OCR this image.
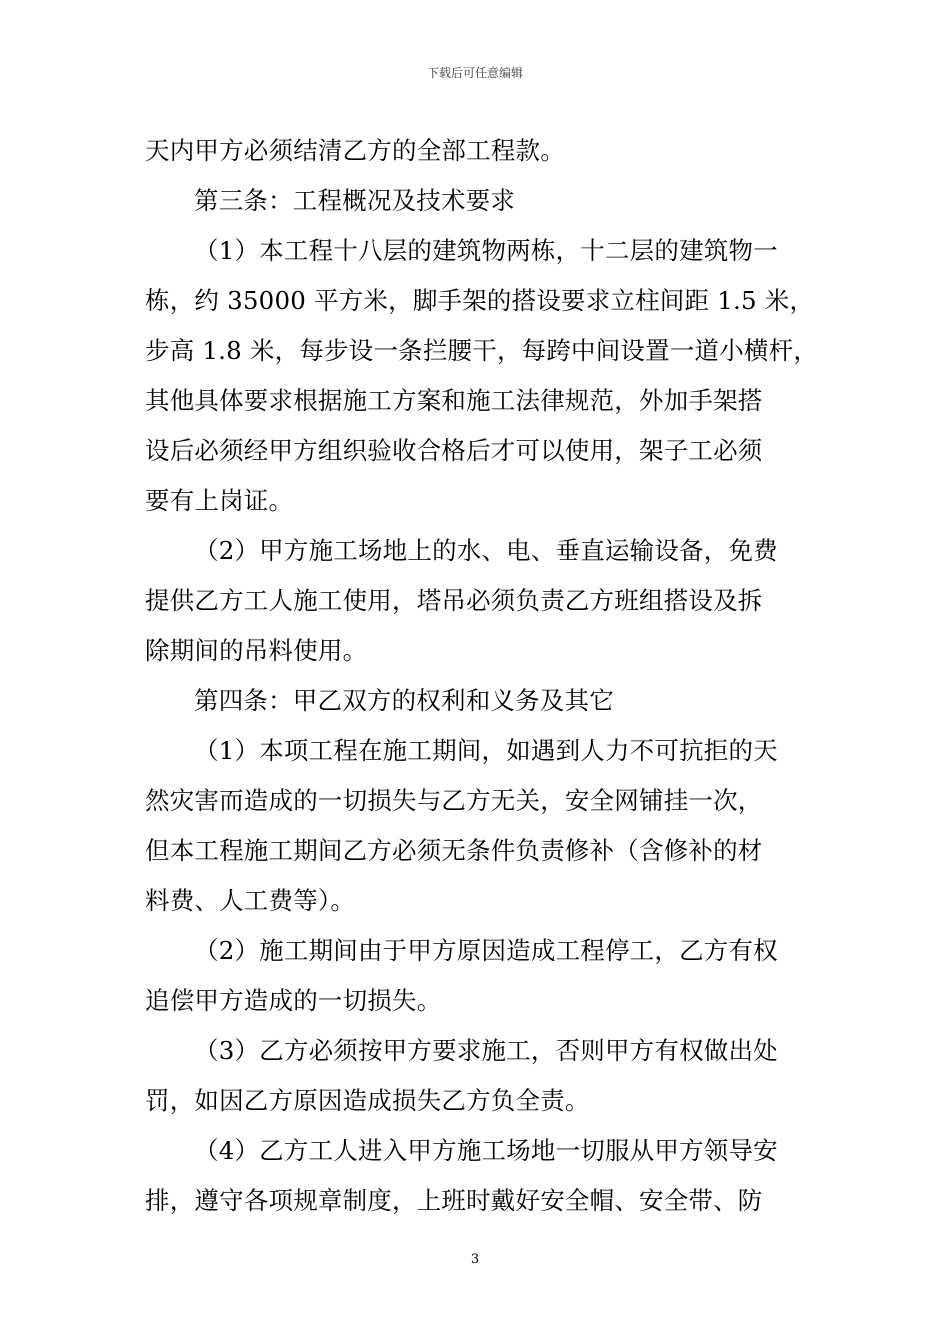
下载后可任意编辑
天内甲方必须结清乙方的全部工程款。
第三条：工程概况及技术要求
（1）本工程十八层的建筑物两栋，十二层的建筑物一
栋，约 35000 平方米，脚手架的搭设要求立柱间距 1.5 米，
步高 1.8 米，每步设一条拦腰干，每跨中间设置一道小横杆，
其他具体要求根据施工方案和施工法律规范，外加手架搭
设后必须经甲方组织验收合格后才可以使用，架子工必须
要有上岗证。
（2）甲方施工场地上的水、电、垂直运输设备，免费
提供乙方工人施工使用，塔吊必须负责乙方班组搭设及拆
除期间的吊料使用。
第四条：甲乙双方的权利和义务及其它
（1）本项工程在施工期间，如遇到人力不可抗拒的天
然灾害而造成的一切损失与乙方无关，安全网铺挂一次，
但本工程施工期间乙方必须无条件负责修补（含修补的材
料费、人工费等）。
（2）施工期间由于甲方原因造成工程停工，乙方有权
追偿甲方造成的一切损失。
（3）乙方必须按甲方要求施工，否则甲方有权做出处
罚，如因乙方原因造成损失乙方负全责。
（4）乙方工人进入甲方施工场地一切服从甲方领导安
排，遵守各项规章制度，上班时戴好安全帽、安全带、防
3
